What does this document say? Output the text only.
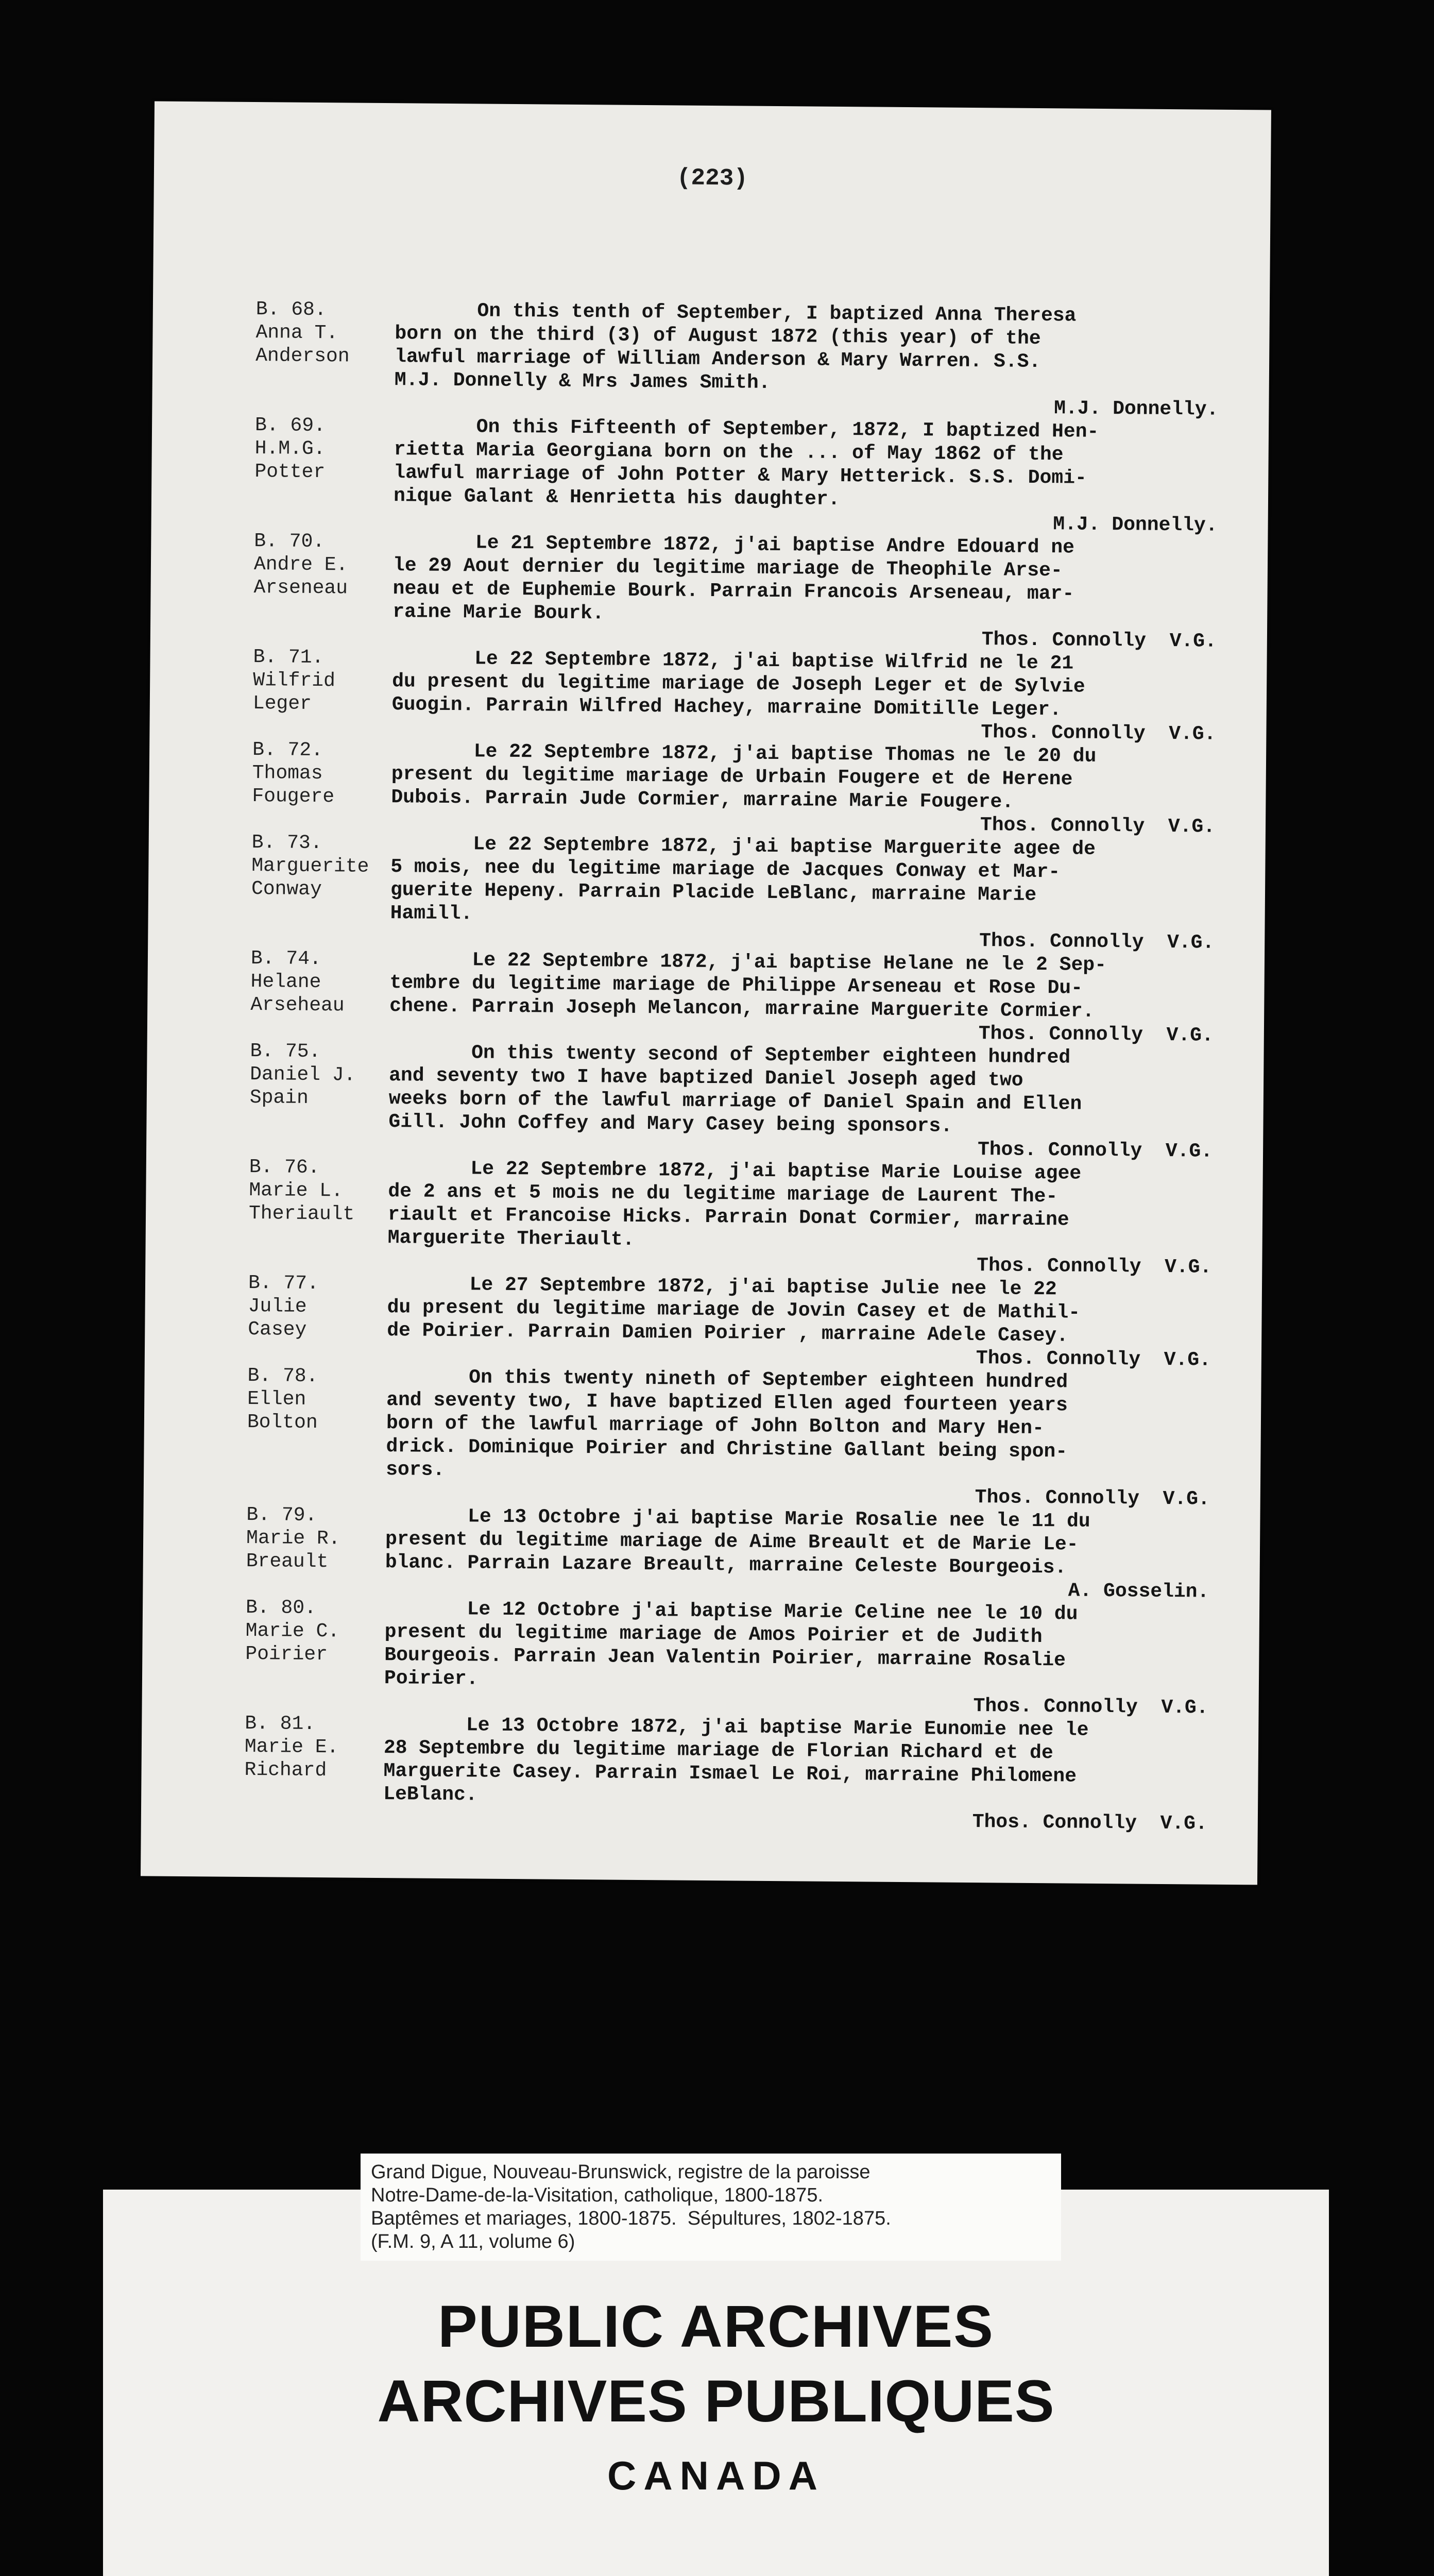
(223)
B. 68.
Anna T.
Anderson
On this tenth of September, I baptized Anna Theresa
born on the third (3) of August 1872 (this year) of the
lawful marriage of William Anderson & Mary Warren. S.S.
M.J. Donnelly & Mrs James Smith.
M.J. Donnelly.
B. 69.
H.M.G.
Potter
On this Fifteenth of September, 1872, I baptized Hen-
rietta Maria Georgiana born on the ... of May 1862 of the
lawful marriage of John Potter & Mary Hetterick. S.S. Domi-
nique Galant & Henrietta his daughter.
M.J. Donnelly.
B. 70.
Andre E.
Arseneau
Le 21 Septembre 1872, j'ai baptise Andre Edouard ne
le 29 Aout dernier du legitime mariage de Theophile Arse-
neau et de Euphemie Bourk. Parrain Francois Arseneau, mar-
raine Marie Bourk.
Thos. Connolly  V.G.
B. 71.
Wilfrid
Leger
Le 22 Septembre 1872, j'ai baptise Wilfrid ne le 21
du present du legitime mariage de Joseph Leger et de Sylvie
Guogin. Parrain Wilfred Hachey, marraine Domitille Leger.
Thos. Connolly  V.G.
B. 72.
Thomas
Fougere
Le 22 Septembre 1872, j'ai baptise Thomas ne le 20 du
present du legitime mariage de Urbain Fougere et de Herene
Dubois. Parrain Jude Cormier, marraine Marie Fougere.
Thos. Connolly  V.G.
B. 73.
Marguerite
Conway
Le 22 Septembre 1872, j'ai baptise Marguerite agee de
5 mois, nee du legitime mariage de Jacques Conway et Mar-
guerite Hepeny. Parrain Placide LeBlanc, marraine Marie
Hamill.
Thos. Connolly  V.G.
B. 74.
Helane
Arseheau
Le 22 Septembre 1872, j'ai baptise Helane ne le 2 Sep-
tembre du legitime mariage de Philippe Arseneau et Rose Du-
chene. Parrain Joseph Melancon, marraine Marguerite Cormier.
Thos. Connolly  V.G.
B. 75.
Daniel J.
Spain
On this twenty second of September eighteen hundred
and seventy two I have baptized Daniel Joseph aged two
weeks born of the lawful marriage of Daniel Spain and Ellen
Gill. John Coffey and Mary Casey being sponsors.
Thos. Connolly  V.G.
B. 76.
Marie L.
Theriault
Le 22 Septembre 1872, j'ai baptise Marie Louise agee
de 2 ans et 5 mois ne du legitime mariage de Laurent The-
riault et Francoise Hicks. Parrain Donat Cormier, marraine
Marguerite Theriault.
Thos. Connolly  V.G.
B. 77.
Julie
Casey
Le 27 Septembre 1872, j'ai baptise Julie nee le 22
du present du legitime mariage de Jovin Casey et de Mathil-
de Poirier. Parrain Damien Poirier , marraine Adele Casey.
Thos. Connolly  V.G.
B. 78.
Ellen
Bolton
On this twenty nineth of September eighteen hundred
and seventy two, I have baptized Ellen aged fourteen years
born of the lawful marriage of John Bolton and Mary Hen-
drick. Dominique Poirier and Christine Gallant being spon-
sors.
Thos. Connolly  V.G.
B. 79.
Marie R.
Breault
Le 13 Octobre j'ai baptise Marie Rosalie nee le 11 du
present du legitime mariage de Aime Breault et de Marie Le-
blanc. Parrain Lazare Breault, marraine Celeste Bourgeois.
A. Gosselin.
B. 80.
Marie C.
Poirier
Le 12 Octobre j'ai baptise Marie Celine nee le 10 du
present du legitime mariage de Amos Poirier et de Judith
Bourgeois. Parrain Jean Valentin Poirier, marraine Rosalie
Poirier.
Thos. Connolly  V.G.
B. 81.
Marie E.
Richard
Le 13 Octobre 1872, j'ai baptise Marie Eunomie nee le
28 Septembre du legitime mariage de Florian Richard et de
Marguerite Casey. Parrain Ismael Le Roi, marraine Philomene
LeBlanc.
Thos. Connolly  V.G.
Grand Digue, Nouveau-Brunswick, registre de la paroisse
Notre-Dame-de-la-Visitation, catholique, 1800-1875.
Baptêmes et mariages, 1800-1875.  Sépultures, 1802-1875.
(F.M. 9, A 11, volume 6)
PUBLIC ARCHIVES
ARCHIVES PUBLIQUES
CANADA
